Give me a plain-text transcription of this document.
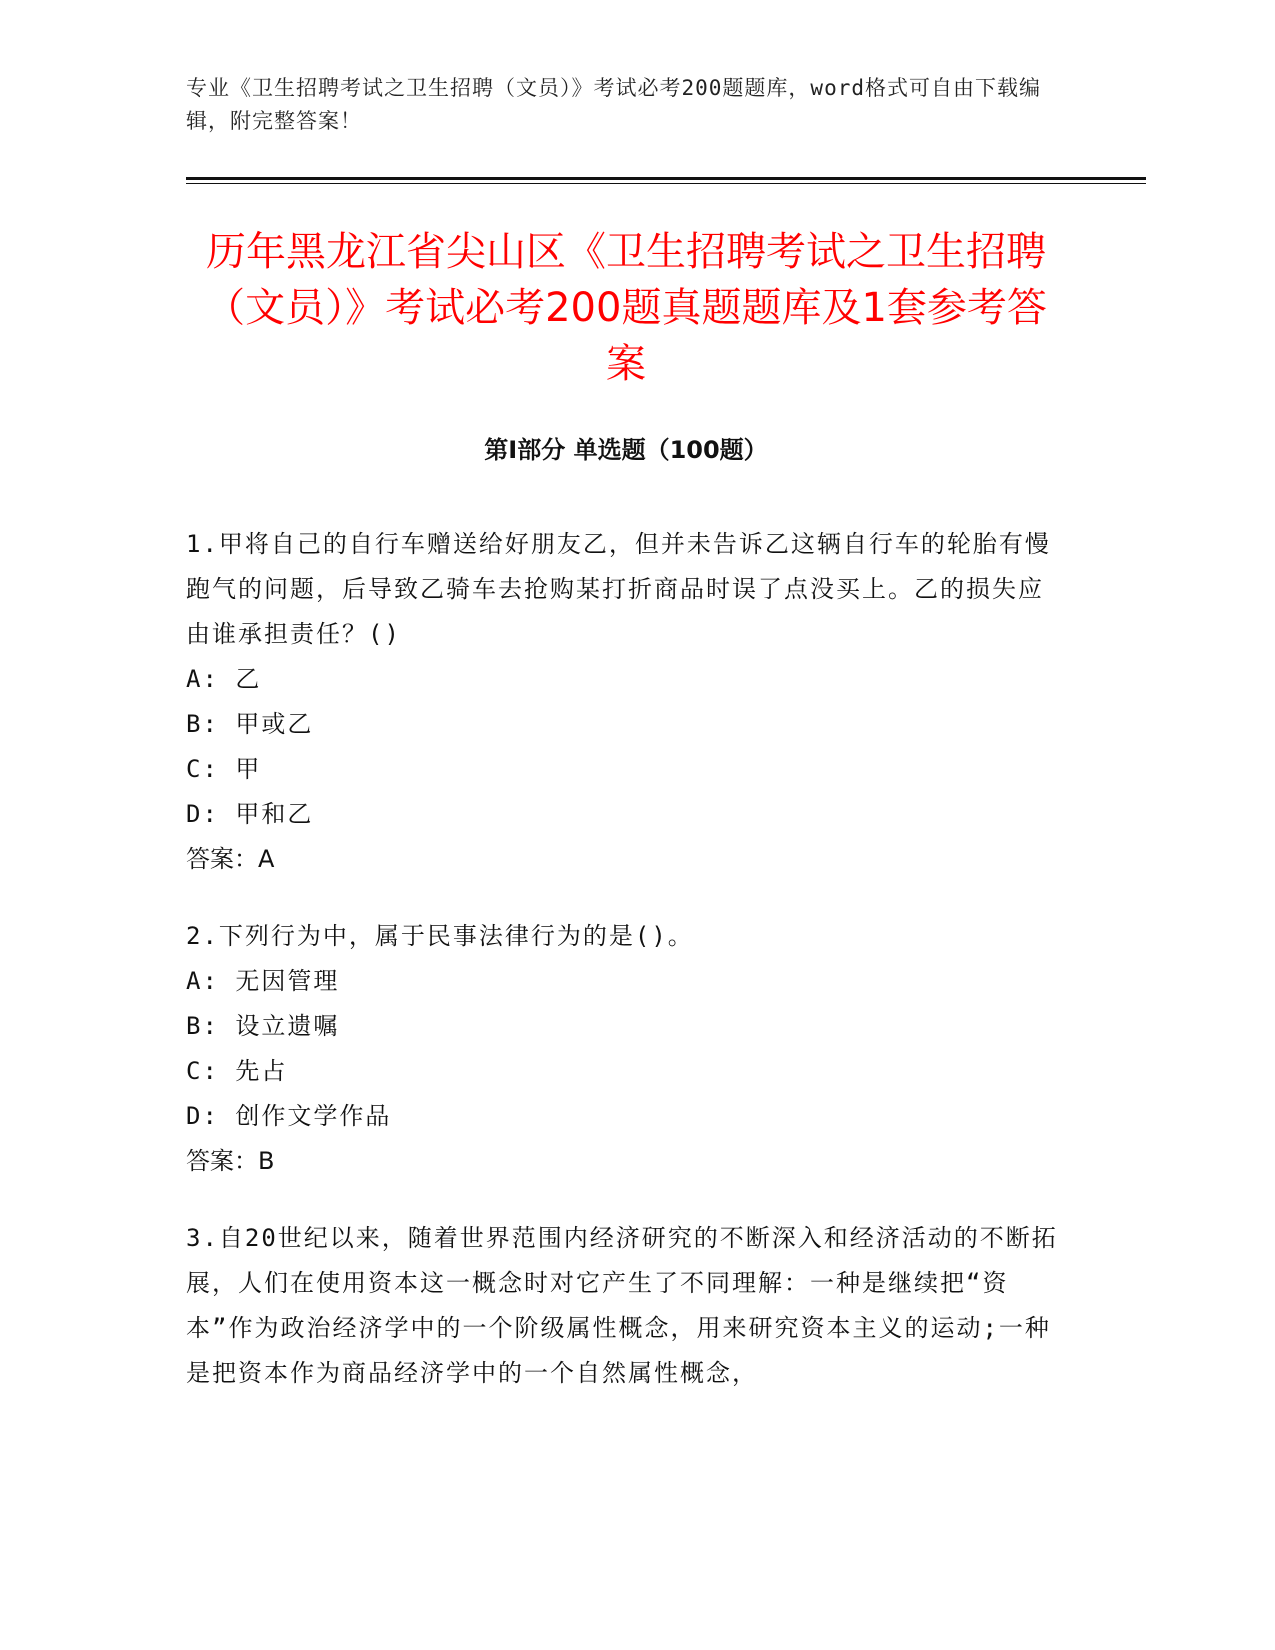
专业《卫生招聘考试之卫生招聘（文员）》考试必考200题题库，word格式可自由下载编辑，附完整答案！
历年黑龙江省尖山区《卫生招聘考试之卫生招聘（文员）》考试必考200题真题题库及1套参考答案
第I部分 单选题（100题）

1.甲将自己的自行车赠送给好朋友乙，但并未告诉乙这辆自行车的轮胎有慢跑气的问题，后导致乙骑车去抢购某打折商品时误了点没买上。乙的损失应由谁承担责任？()

A: 乙

B: 甲或乙

C: 甲

D: 甲和乙

答案：A

2.下列行为中，属于民事法律行为的是()。

A: 无因管理

B: 设立遗嘱

C: 先占

D: 创作文学作品

答案：B

3.自20世纪以来，随着世界范围内经济研究的不断深入和经济活动的不断拓展，人们在使用资本这一概念时对它产生了不同理解：一种是继续把“资本”作为政治经济学中的一个阶级属性概念，用来研究资本主义的运动;一种是把资本作为商品经济学中的一个自然属性概念，
